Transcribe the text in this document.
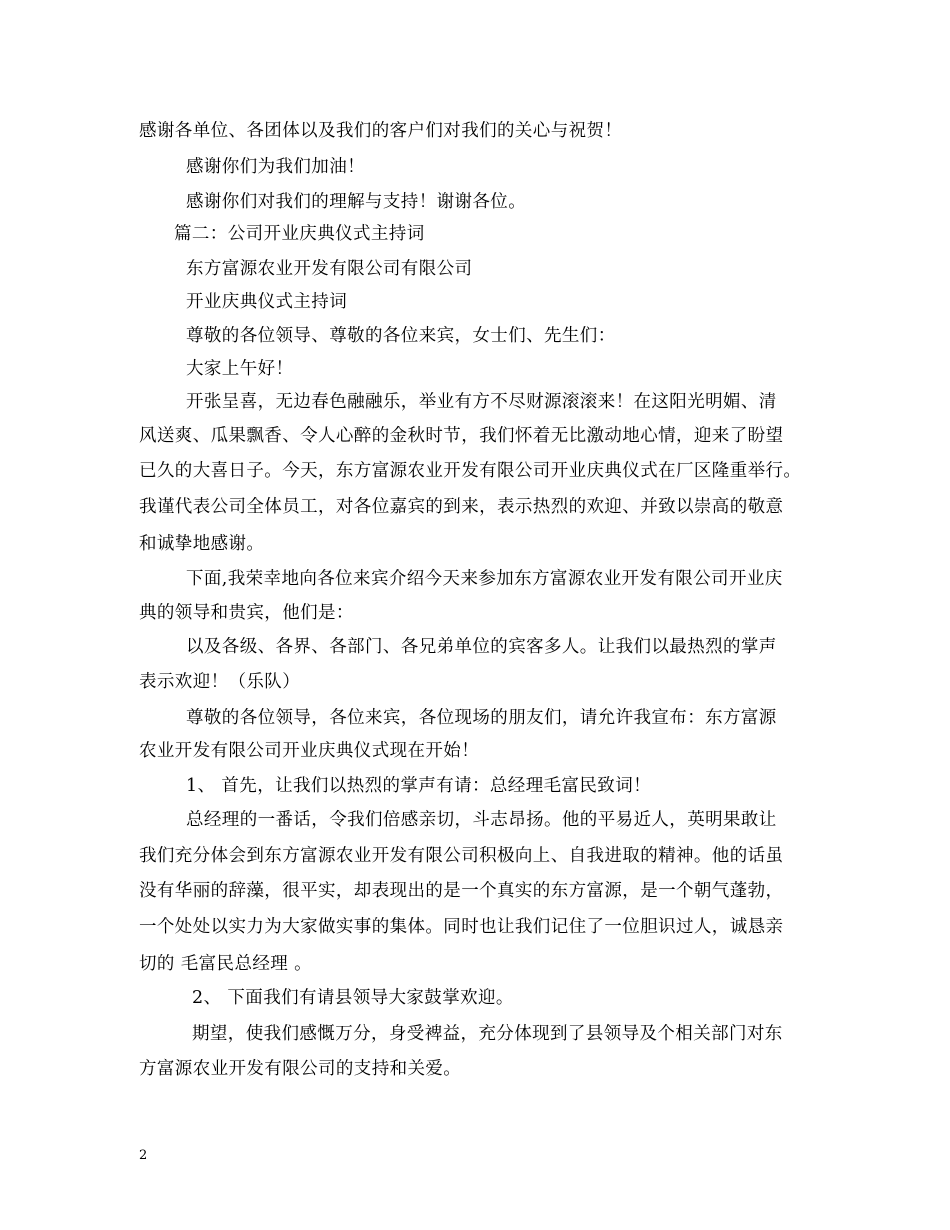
感谢各单位、各团体以及我们的客户们对我们的关心与祝贺！
感谢你们为我们加油！
感谢你们对我们的理解与支持！谢谢各位。
篇二：公司开业庆典仪式主持词
东方富源农业开发有限公司有限公司
开业庆典仪式主持词
尊敬的各位领导、尊敬的各位来宾，女士们、先生们：
大家上午好！
开张呈喜，无边春色融融乐，举业有方不尽财源滚滚来！在这阳光明媚、清
风送爽、瓜果飘香、令人心醉的金秋时节，我们怀着无比激动地心情，迎来了盼望
已久的大喜日子。今天，东方富源农业开发有限公司开业庆典仪式在厂区隆重举行。
我谨代表公司全体员工，对各位嘉宾的到来，表示热烈的欢迎、并致以崇高的敬意
和诚挚地感谢。
下面,我荣幸地向各位来宾介绍今天来参加东方富源农业开发有限公司开业庆
典的领导和贵宾，他们是：
以及各级、各界、各部门、各兄弟单位的宾客多人。让我们以最热烈的掌声
表示欢迎！（乐队）
尊敬的各位领导，各位来宾，各位现场的朋友们，请允许我宣布：东方富源
农业开发有限公司开业庆典仪式现在开始！
1、 首先，让我们以热烈的掌声有请：总经理毛富民致词！
总经理的一番话，令我们倍感亲切，斗志昂扬。他的平易近人，英明果敢让
我们充分体会到东方富源农业开发有限公司积极向上、自我进取的精神。他的话虽
没有华丽的辞藻，很平实，却表现出的是一个真实的东方富源，是一个朝气蓬勃，
一个处处以实力为大家做实事的集体。同时也让我们记住了一位胆识过人，诚恳亲
切的 毛富民总经理 。
2、 下面我们有请县领导大家鼓掌欢迎。
期望，使我们感慨万分，身受裨益，充分体现到了县领导及个相关部门对东
方富源农业开发有限公司的支持和关爱。
2
